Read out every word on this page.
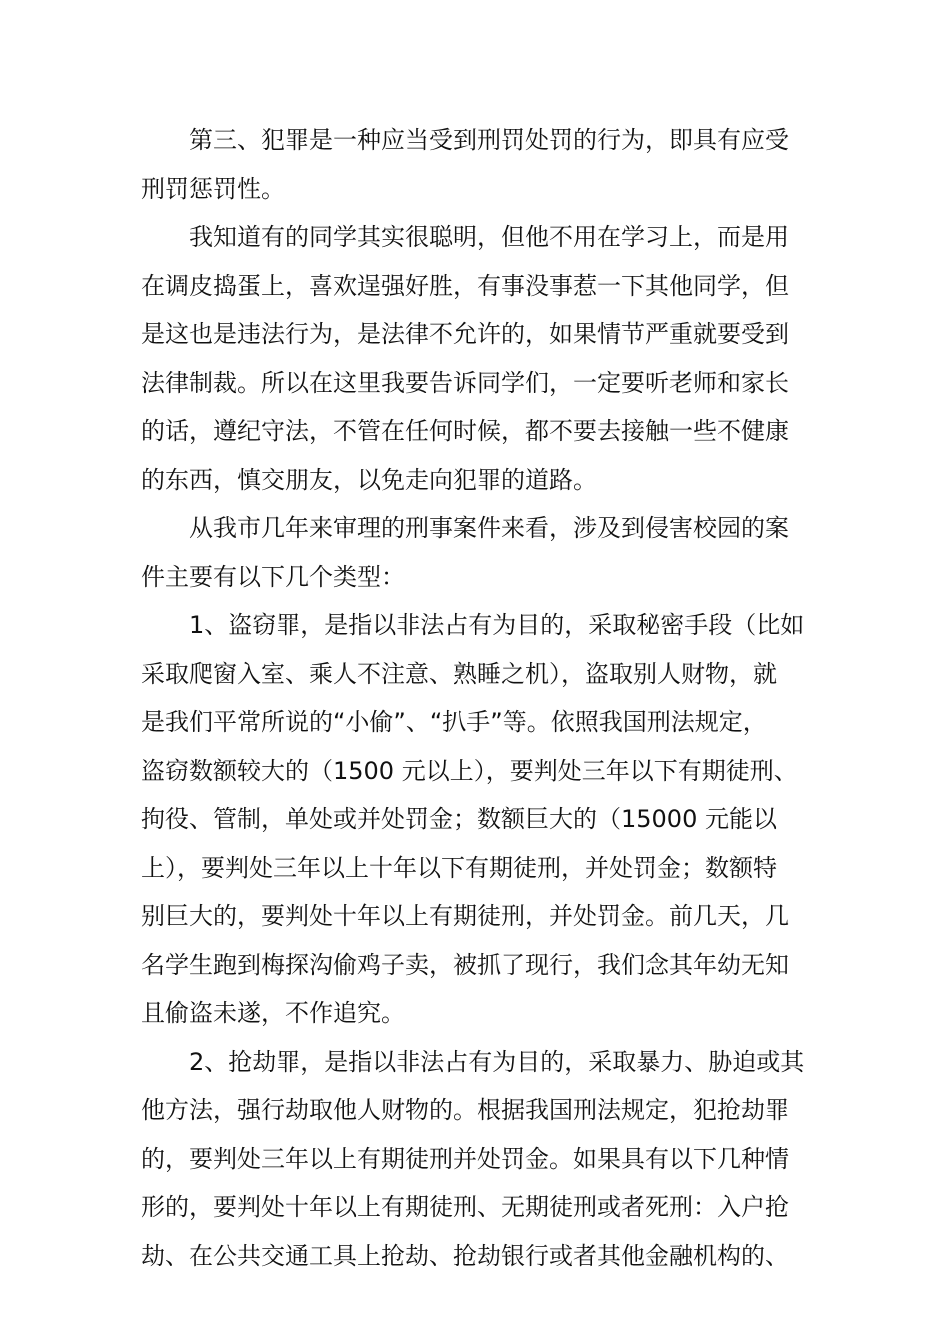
第三、犯罪是一种应当受到刑罚处罚的行为，即具有应受
刑罚惩罚性。
我知道有的同学其实很聪明，但他不用在学习上，而是用
在调皮捣蛋上，喜欢逞强好胜，有事没事惹一下其他同学，但
是这也是违法行为，是法律不允许的，如果情节严重就要受到
法律制裁。所以在这里我要告诉同学们，一定要听老师和家长
的话，遵纪守法，不管在任何时候，都不要去接触一些不健康
的东西，慎交朋友，以免走向犯罪的道路。
从我市几年来审理的刑事案件来看，涉及到侵害校园的案
件主要有以下几个类型：
1、盗窃罪，是指以非法占有为目的，采取秘密手段（比如
采取爬窗入室、乘人不注意、熟睡之机），盗取别人财物，就
是我们平常所说的“小偷”、“扒手”等。依照我国刑法规定，
盗窃数额较大的（1500 元以上），要判处三年以下有期徒刑、
拘役、管制，单处或并处罚金；数额巨大的（15000 元能以
上），要判处三年以上十年以下有期徒刑，并处罚金；数额特
别巨大的，要判处十年以上有期徒刑，并处罚金。前几天，几
名学生跑到梅探沟偷鸡子卖，被抓了现行，我们念其年幼无知
且偷盗未遂，不作追究。
2、抢劫罪，是指以非法占有为目的，采取暴力、胁迫或其
他方法，强行劫取他人财物的。根据我国刑法规定，犯抢劫罪
的，要判处三年以上有期徒刑并处罚金。如果具有以下几种情
形的，要判处十年以上有期徒刑、无期徒刑或者死刑：入户抢
劫、在公共交通工具上抢劫、抢劫银行或者其他金融机构的、
